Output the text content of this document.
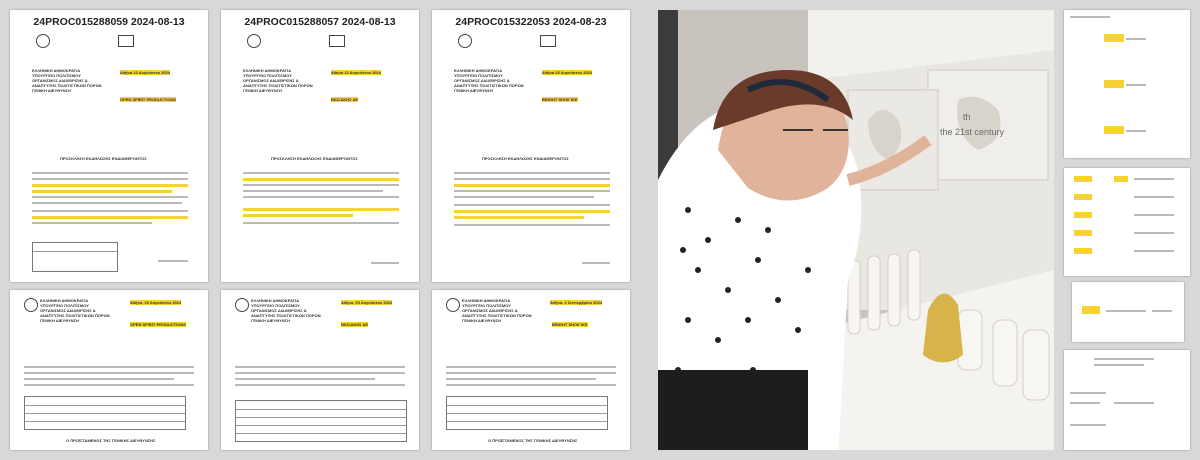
24PROC015288059 2024-08-13
ΕΛΛΗΝΙΚΗ ΔΗΜΟΚΡΑΤΙΑ
ΥΠΟΥΡΓΕΙΟ ΠΟΛΙΤΙΣΜΟΥ
ΟΡΓΑΝΙΣΜΟΣ ΔΙΑΧΕΙΡΙΣΗΣ &
ΑΝΑΠΤΥΞΗΣ ΠΟΛΙΤΙΣΤΙΚΩΝ ΠΟΡΩΝ
ΓΕΝΙΚΗ ΔΙΕΥΘΥΝΣΗ
Αθήνα 13 Αυγούστου 2024
OPEN SPIRIT PRODUCTIONS
ΠΡΟΣΚΛΗΣΗ ΕΚΔΗΛΩΣΗΣ ΕΝΔΙΑΦΕΡΟΝΤΟΣ
24PROC015288057 2024-08-13
ΕΛΛΗΝΙΚΗ ΔΗΜΟΚΡΑΤΙΑ
ΥΠΟΥΡΓΕΙΟ ΠΟΛΙΤΙΣΜΟΥ
ΟΡΓΑΝΙΣΜΟΣ ΔΙΑΧΕΙΡΙΣΗΣ &
ΑΝΑΠΤΥΞΗΣ ΠΟΛΙΤΙΣΤΙΚΩΝ ΠΟΡΩΝ
ΓΕΝΙΚΗ ΔΙΕΥΘΥΝΣΗ
Αθήνα 13 Αυγούστου 2024
ΒΙΟΣΑΚΗΣ ΑΕ
ΠΡΟΣΚΛΗΣΗ ΕΚΔΗΛΩΣΗΣ ΕΝΔΙΑΦΕΡΟΝΤΟΣ
24PROC015322053 2024-08-23
ΕΛΛΗΝΙΚΗ ΔΗΜΟΚΡΑΤΙΑ
ΥΠΟΥΡΓΕΙΟ ΠΟΛΙΤΙΣΜΟΥ
ΟΡΓΑΝΙΣΜΟΣ ΔΙΑΧΕΙΡΙΣΗΣ &
ΑΝΑΠΤΥΞΗΣ ΠΟΛΙΤΙΣΤΙΚΩΝ ΠΟΡΩΝ
ΓΕΝΙΚΗ ΔΙΕΥΘΥΝΣΗ
Αθήνα 23 Αυγούστου 2024
BRIGHT SHOE ΙΚΕ
ΠΡΟΣΚΛΗΣΗ ΕΚΔΗΛΩΣΗΣ ΕΝΔΙΑΦΕΡΟΝΤΟΣ
ΕΛΛΗΝΙΚΗ ΔΗΜΟΚΡΑΤΙΑ
ΥΠΟΥΡΓΕΙΟ ΠΟΛΙΤΙΣΜΟΥ
ΟΡΓΑΝΙΣΜΟΣ ΔΙΑΧΕΙΡΙΣΗΣ &
ΑΝΑΠΤΥΞΗΣ ΠΟΛΙΤΙΣΤΙΚΩΝ ΠΟΡΩΝ
ΓΕΝΙΚΗ ΔΙΕΥΘΥΝΣΗ
Αθήνα, 29 Αυγούστου 2024
OPEN SPIRIT PRODUCTIONS
Ο ΠΡΟΪΣΤΑΜΕΝΟΣ ΤΗΣ ΓΕΝΙΚΗΣ ΔΙΕΥΘΥΝΣΗΣ
ΕΛΛΗΝΙΚΗ ΔΗΜΟΚΡΑΤΙΑ
ΥΠΟΥΡΓΕΙΟ ΠΟΛΙΤΙΣΜΟΥ
ΟΡΓΑΝΙΣΜΟΣ ΔΙΑΧΕΙΡΙΣΗΣ &
ΑΝΑΠΤΥΞΗΣ ΠΟΛΙΤΙΣΤΙΚΩΝ ΠΟΡΩΝ
ΓΕΝΙΚΗ ΔΙΕΥΘΥΝΣΗ
Αθήνα, 29 Αυγούστου 2024
ΒΙΟΣΑΚΗΣ ΑΕ
ΕΛΛΗΝΙΚΗ ΔΗΜΟΚΡΑΤΙΑ
ΥΠΟΥΡΓΕΙΟ ΠΟΛΙΤΙΣΜΟΥ
ΟΡΓΑΝΙΣΜΟΣ ΔΙΑΧΕΙΡΙΣΗΣ &
ΑΝΑΠΤΥΞΗΣ ΠΟΛΙΤΙΣΤΙΚΩΝ ΠΟΡΩΝ
ΓΕΝΙΚΗ ΔΙΕΥΘΥΝΣΗ
Αθήνα, 2 Σεπτεμβρίου 2024
BRIGHT SHOE ΙΚΕ
Ο ΠΡΟΪΣΤΑΜΕΝΟΣ ΤΗΣ ΓΕΝΙΚΗΣ ΔΙΕΥΘΥΝΣΗΣ
th
the 21st century
